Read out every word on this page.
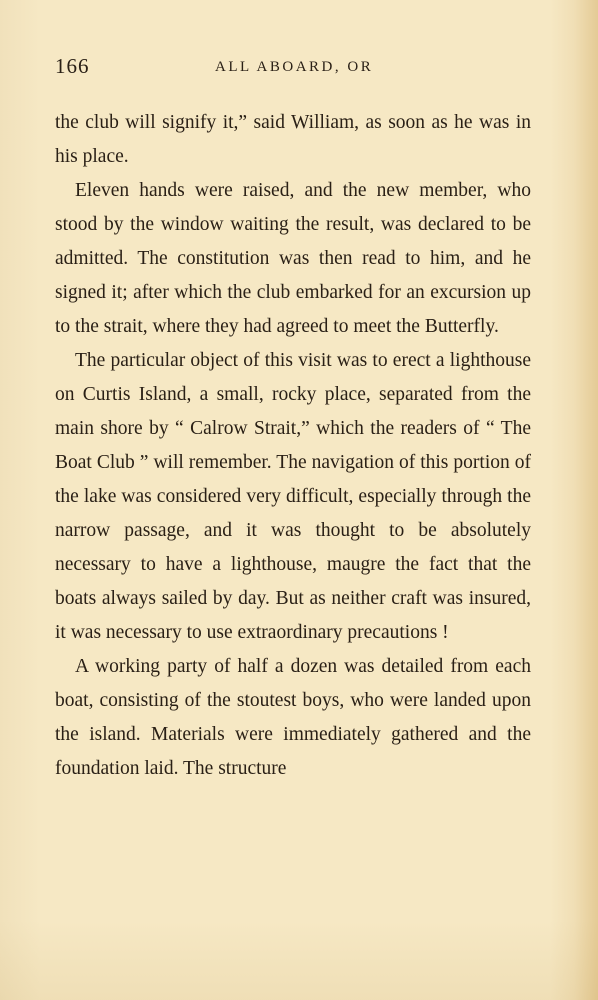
166	ALL ABOARD, OR

the club will signify it,” said William, as soon as he was in his place.

Eleven hands were raised, and the new member, who stood by the window waiting the result, was declared to be admitted. The constitution was then read to him, and he signed it; after which the club embarked for an excursion up to the strait, where they had agreed to meet the Butterfly.

The particular object of this visit was to erect a lighthouse on Curtis Island, a small, rocky place, separated from the main shore by “ Calrow Strait,” which the readers of “ The Boat Club ” will remember. The navigation of this portion of the lake was considered very difficult, especially through the narrow passage, and it was thought to be absolutely necessary to have a lighthouse, maugre the fact that the boats always sailed by day. But as neither craft was insured, it was necessary to use extraordinary precautions !

A working party of half a dozen was detailed from each boat, consisting of the stoutest boys, who were landed upon the island. Materials were immediately gathered and the foundation laid. The structure
